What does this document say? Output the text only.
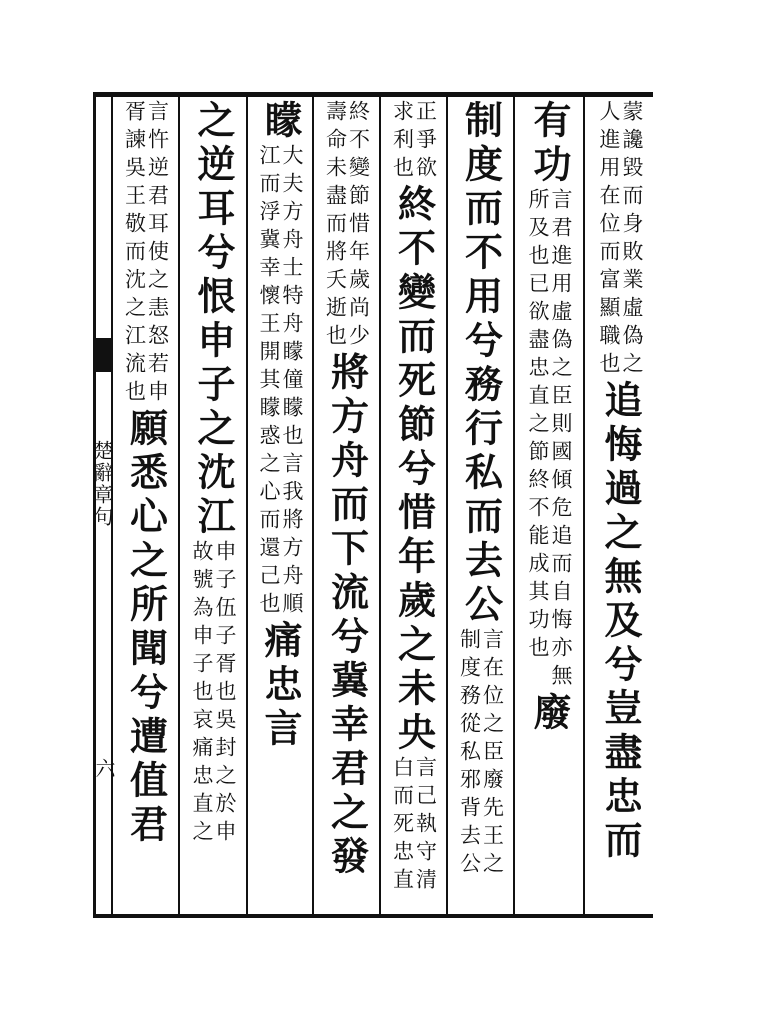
楚辭章句
六
蒙讒毀而身敗業虛偽之
人進用在位而富顯職也
追悔過之無及兮豈盡忠而
有功
言君進用虛偽之臣則國傾危追而自悔亦無
所及也已欲盡忠直之節終不能成其功也
廢
制度而不用兮務行私而去公
言在位之臣廢先王之
制度務從私邪背去公
正爭欲
求利也
終不變而死節兮惜年歲之未央
言己執守清
白而死忠直
終不變節惜年歲尚少
壽命未盡而將夭逝也
將方舟而下流兮冀幸君之發
矇
大夫方舟士特舟矇僮矇也言我將方舟順
江而浮冀幸懷王開其矇惑之心而還己也
痛忠言
之逆耳兮恨申子之沈江
申子伍子胥也吳封之於申
故號為申子也哀痛忠直之
言忤逆君耳使之恚怒若申
胥諫吳王敬而沈之江流也
願悉心之所聞兮遭值君
